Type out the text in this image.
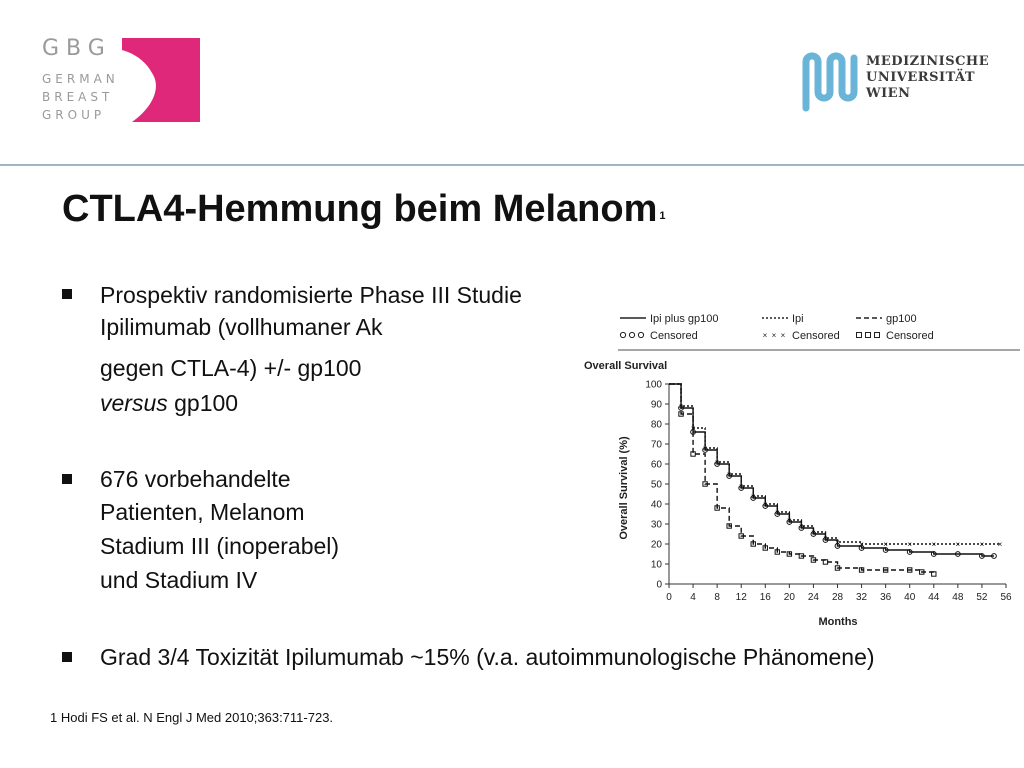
GBG
GERMAN
BREAST
GROUP
MEDIZINISCHE
UNIVERSITÄT
WIEN
CTLA4-Hemmung beim Melanom $^1$
Prospektiv randomisierte Phase III Studie
Ipilimumab (vollhumaner Ak
gegen CTLA-4) +/- gp100
versus gp100
676 vorbehandelte
Patienten, Melanom
Stadium III (inoperabel)
und Stadium IV
Grad 3/4 Toxizität Ipilumumab ~15% (v.a. autoimmunologische Phänomene)
1 Hodi FS et al. N Engl J Med 2010;363:711-723.
Ipi plus gp100
Censored
Ipi
× × × Censored
gp100
Censored
Overall Survival
0 4 8 12 16 20 24 28 32 36 40 44 48 52 56
0
10
20
30
40
50
60
70
80
90
100
×
×
×
×
×
×
×
×
×
×
×
×
× × × × × × × × ×
Months
Overall Survival (%)
